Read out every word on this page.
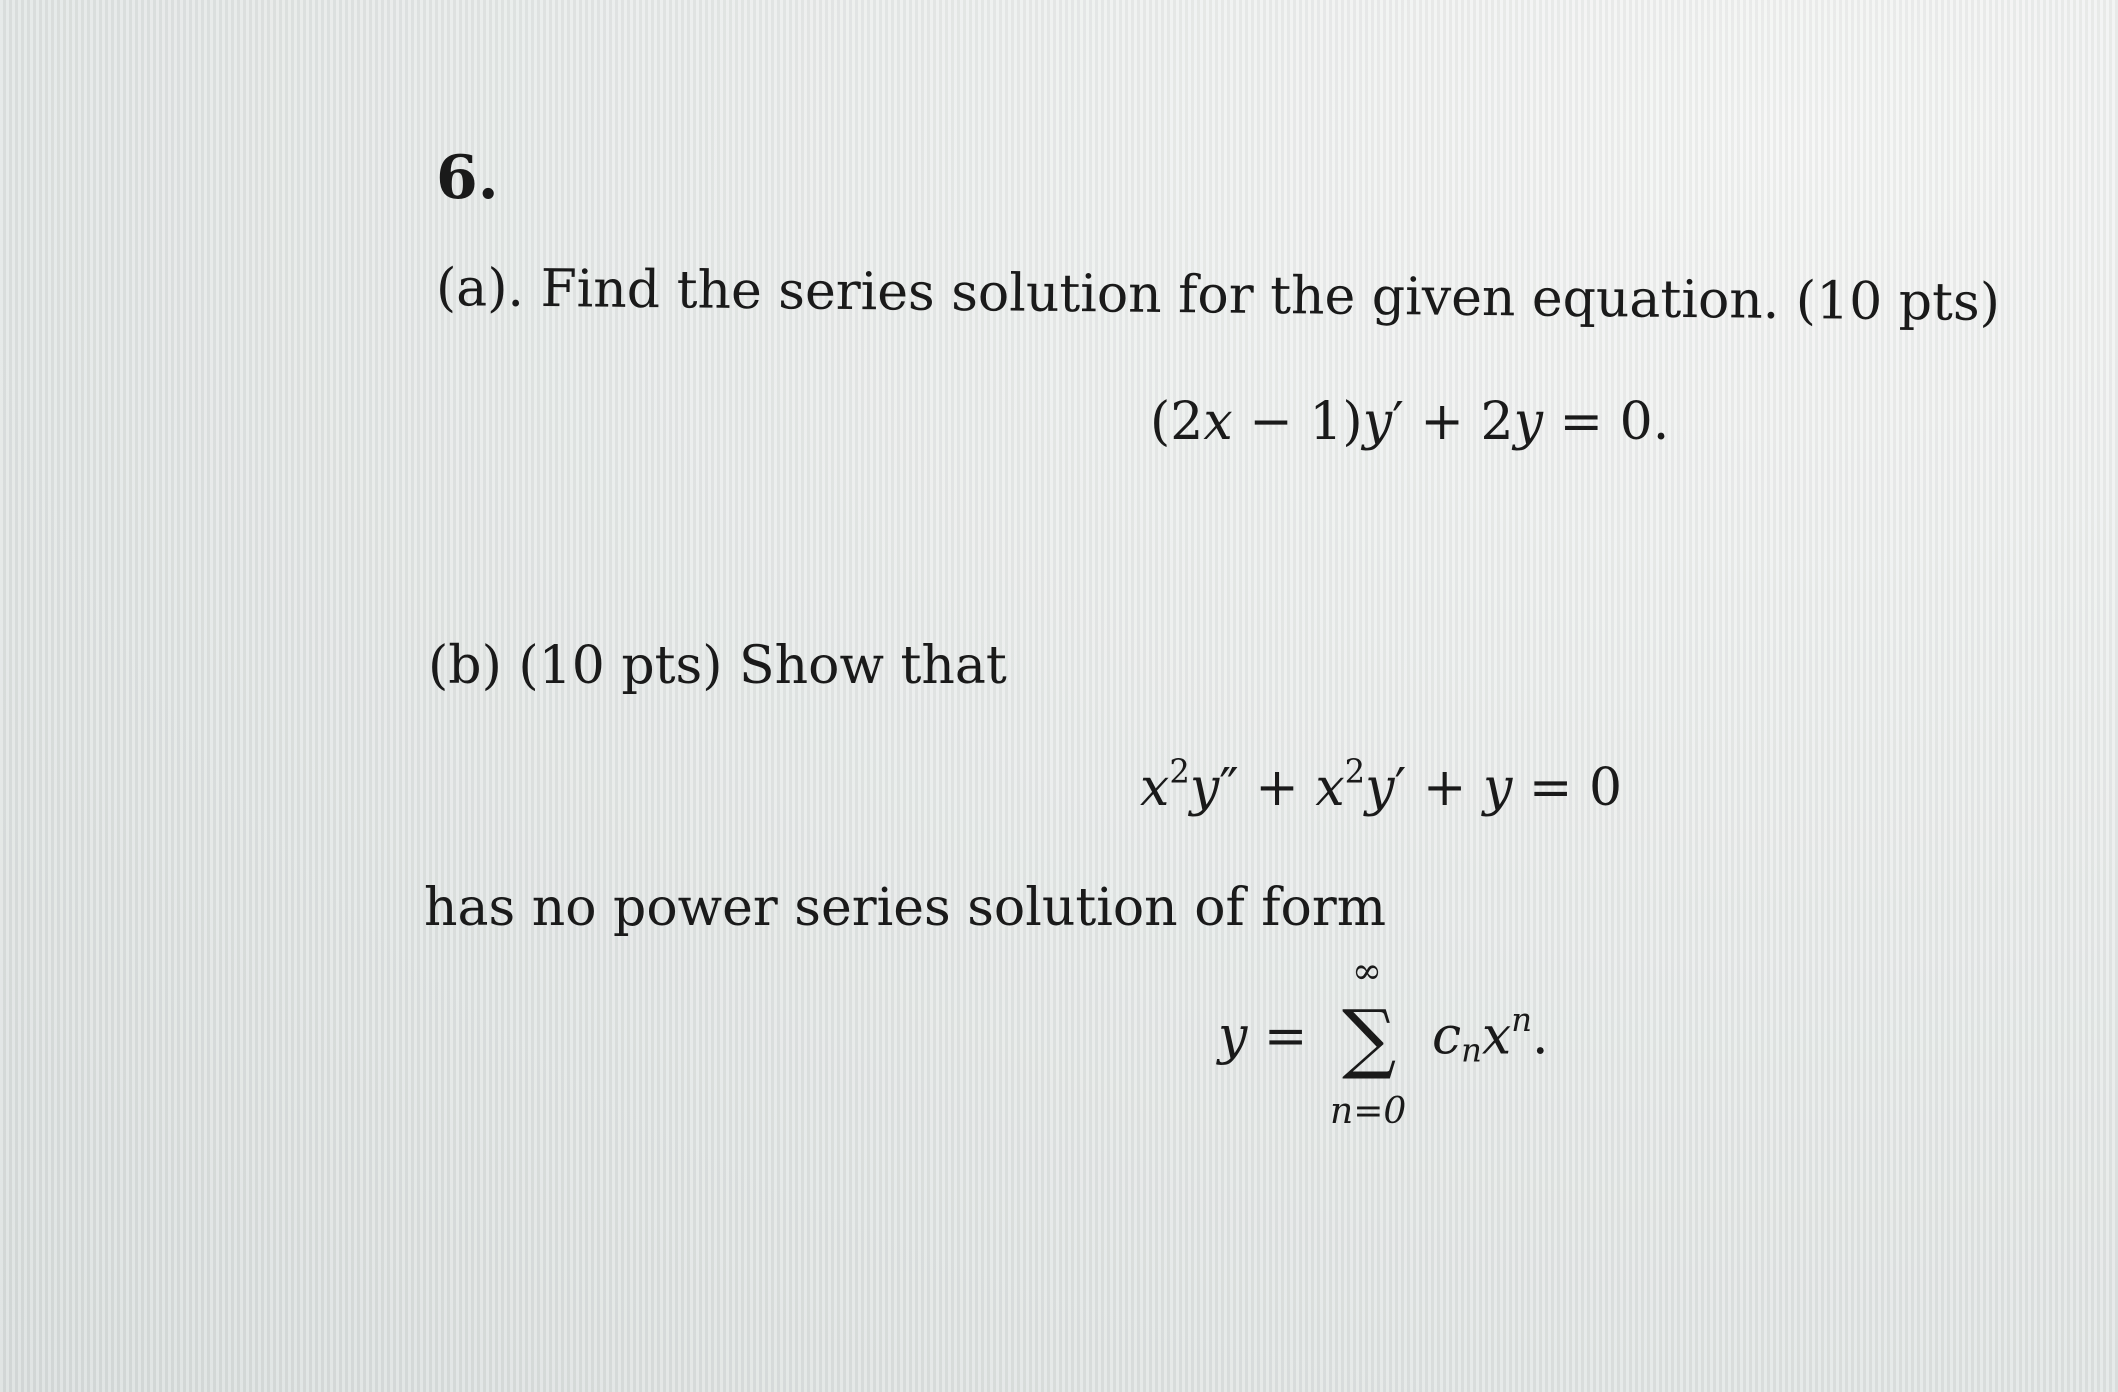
6.
(a). Find the series solution for the given equation. (10 pts)
(2x − 1)y′ + 2y = 0.
(b) (10 pts) Show that
$x^2y'' + x^2y' + y = 0$
has no power series solution of form
y =
∞
∑
n=0
$c_nx^n$.
